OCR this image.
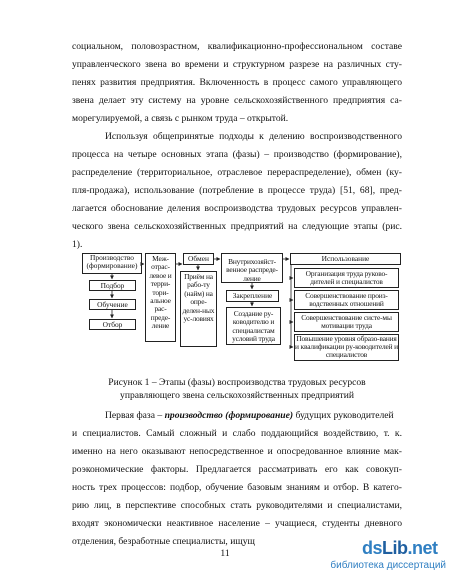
социальном, половозрастном, квалификационно-профессиональном составе
управленческого звена во времени и структурном разрезе на различных сту-
пенях развития предприятия. Включенность в процесс самого управляющего
звена делает эту систему на уровне сельскохозяйственного предприятия са-
морегулируемой, а связь с рынком труда – открытой.
Используя общепринятые подходы к делению воспроизводственного
процесса на четыре основных этапа (фазы) – производство (формирование),
распределение (территориальное, отраслевое перераспределение), обмен (ку-
пля-продажа), использование (потребление в процессе труда) [51, 68], пред-
лагается обоснование деления воспроизводства трудовых ресурсов управлен-
ческого звена сельскохозяйственных предприятий на следующие этапы (рис.
1).
Производство (формирование)
Подбор
Обучение
Отбор
Меж-отрас-левое и терри-тори-альное рас-преде-ление
Обмен
Приём на рабо-ту (найм) на опре-делен-ных ус-ловиях
Внутрихозяйст-венное распреде-ление
Закрепление
Создание ру-ководителю и специалистам условий труда
Использование
Организация труда руково-дителей и специалистов
Совершенствование произ-водственных отношений
Совершенствование систе-мы мотивации труда
Повышение уровня образо-вания и квалификации ру-ководителей и специалистов
Рисунок 1 – Этапы (фазы) воспроизводства трудовых ресурсов
управляющего звена сельскохозяйственных предприятий
Первая фаза – производство (формирование) будущих руководителей
и специалистов. Самый сложный и слабо поддающийся воздействию, т. к.
именно на него оказывают непосредственное и опосредованное влияние мак-
роэкономические факторы. Предлагается рассматривать его как совокуп-
ность трех процессов: подбор, обучение базовым знаниям и отбор. В катего-
рию лиц, в перспективе способных стать руководителями и специалистами,
входят экономически неактивное население – учащиеся, студенты дневного
отделения, безработные специалисты, ищущ
11	dsLib.net
библиотека диссертаций
